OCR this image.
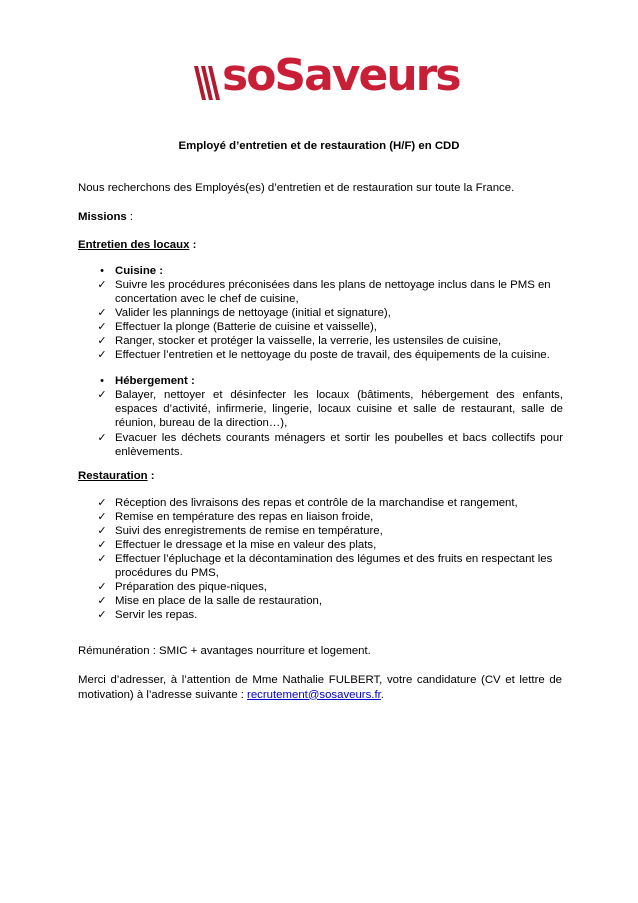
soSaveurs
Employé d’entretien et de restauration (H/F) en CDD
Nous recherchons des Employés(es) d’entretien et de restauration sur toute la France.
Missions :
Entretien des locaux :
• Cuisine :
✓ Suivre les procédures préconisées dans les plans de nettoyage inclus dans le PMS en concertation avec le chef de cuisine,
✓ Valider les plannings de nettoyage (initial et signature),
✓ Effectuer la plonge (Batterie de cuisine et vaisselle),
✓ Ranger, stocker et protéger la vaisselle, la verrerie, les ustensiles de cuisine,
✓ Effectuer l’entretien et le nettoyage du poste de travail, des équipements de la cuisine.
• Hébergement :
✓ Balayer, nettoyer et désinfecter les locaux (bâtiments, hébergement des enfants, espaces d’activité, infirmerie, lingerie, locaux cuisine et salle de restaurant, salle de réunion, bureau de la direction…),
✓ Evacuer les déchets courants ménagers et sortir les poubelles et bacs collectifs pour enlèvements.
Restauration :
✓ Réception des livraisons des repas et contrôle de la marchandise et rangement,
✓ Remise en température des repas en liaison froide,
✓ Suivi des enregistrements de remise en température,
✓ Effectuer le dressage et la mise en valeur des plats,
✓ Effectuer l’épluchage et la décontamination des légumes et des fruits en respectant les procédures du PMS,
✓ Préparation des pique-niques,
✓ Mise en place de la salle de restauration,
✓ Servir les repas.
Rémunération : SMIC + avantages nourriture et logement.
Merci d’adresser, à l’attention de Mme Nathalie FULBERT, votre candidature (CV et lettre de motivation) à l’adresse suivante : recrutement@sosaveurs.fr.
